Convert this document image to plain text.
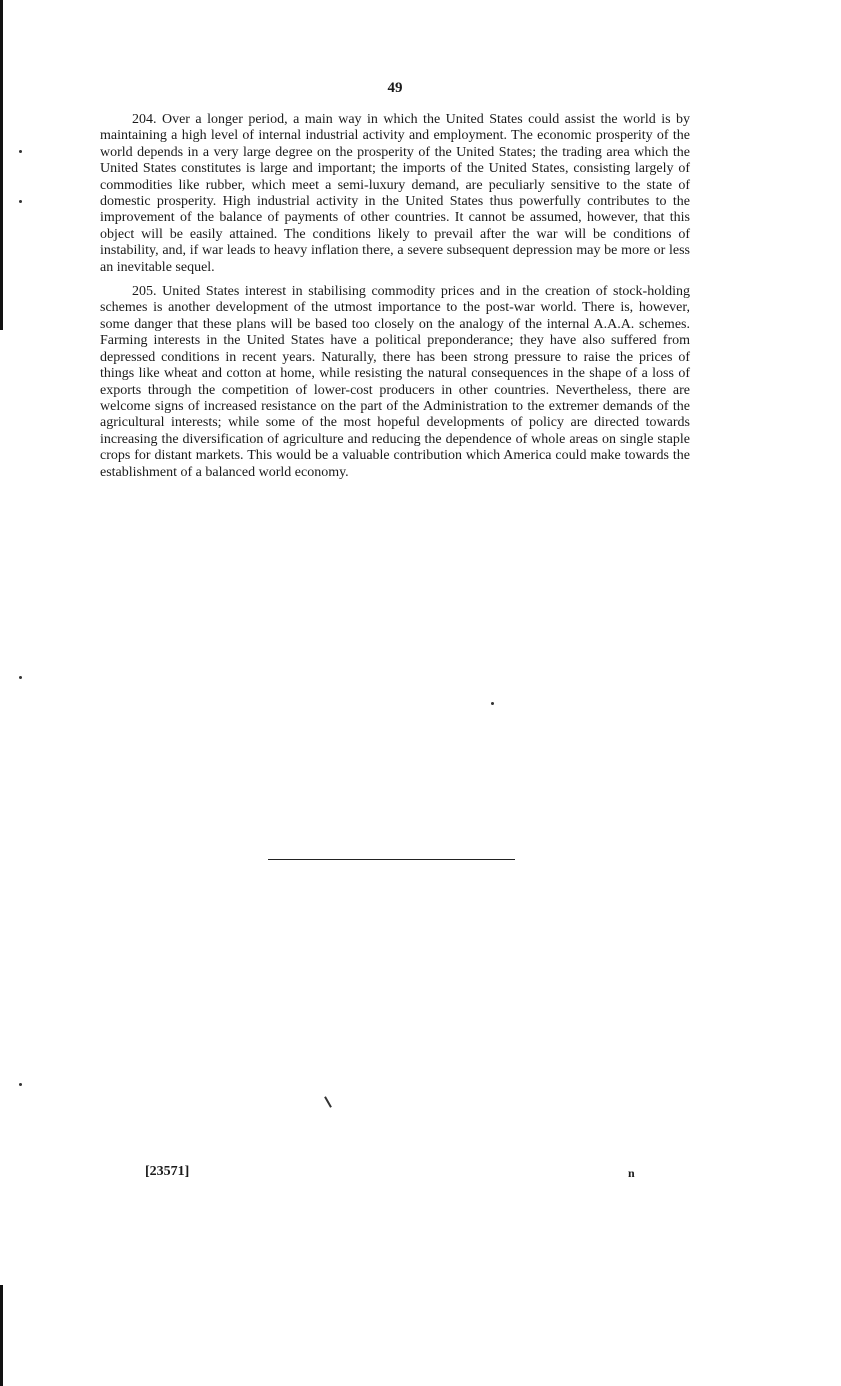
49

204. Over a longer period, a main way in which the United States could assist the world is by maintaining a high level of internal industrial activity and employment. The economic prosperity of the world depends in a very large degree on the prosperity of the United States; the trading area which the United States constitutes is large and important; the imports of the United States, consisting largely of commodities like rubber, which meet a semi-luxury demand, are peculiarly sensitive to the state of domestic prosperity. High industrial activity in the United States thus powerfully contributes to the improvement of the balance of payments of other countries. It cannot be assumed, however, that this object will be easily attained. The conditions likely to prevail after the war will be conditions of instability, and, if war leads to heavy inflation there, a severe subsequent depression may be more or less an inevitable sequel.

205. United States interest in stabilising commodity prices and in the creation of stock-holding schemes is another development of the utmost importance to the post-war world. There is, however, some danger that these plans will be based too closely on the analogy of the internal A.A.A. schemes. Farming interests in the United States have a political preponderance; they have also suffered from depressed conditions in recent years. Naturally, there has been strong pressure to raise the prices of things like wheat and cotton at home, while resisting the natural consequences in the shape of a loss of exports through the competition of lower-cost producers in other countries. Nevertheless, there are welcome signs of increased resistance on the part of the Administration to the extremer demands of the agricultural interests; while some of the most hopeful developments of policy are directed towards increasing the diversification of agriculture and reducing the dependence of whole areas on single staple crops for distant markets. This would be a valuable contribution which America could make towards the establishment of a balanced world economy.

[23571]	n
